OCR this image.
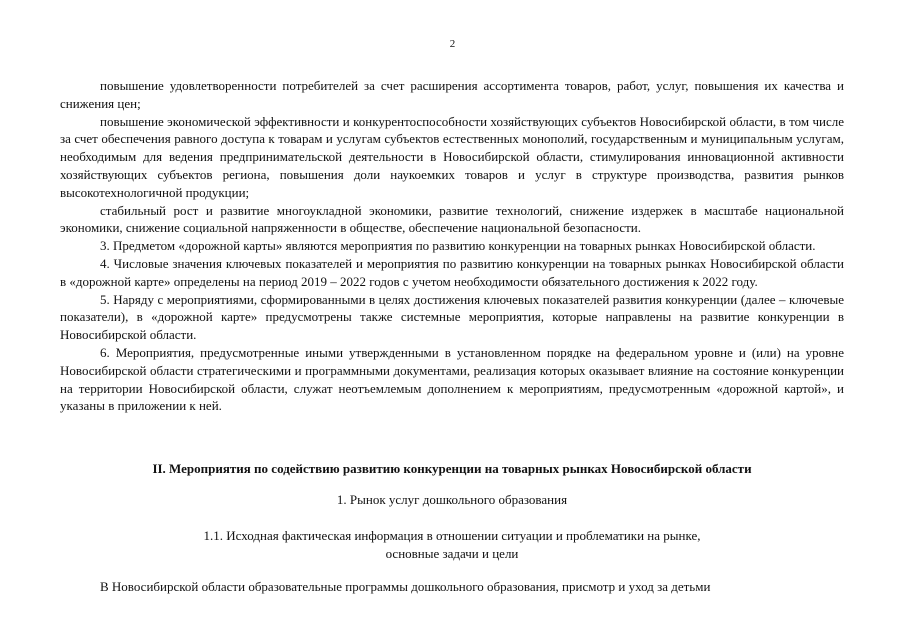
2

повышение удовлетворенности потребителей за счет расширения ассортимента товаров, работ, услуг, повышения их качества и снижения цен;

повышение экономической эффективности и конкурентоспособности хозяйствующих субъектов Новосибирской области, в том числе за счет обеспечения равного доступа к товарам и услугам субъектов естественных монополий, государственным и муниципальным услугам, необходимым для ведения предпринимательской деятельности в Новосибирской области, стимулирования инновационной активности хозяйствующих субъектов региона, повышения доли наукоемких товаров и услуг в структуре производства, развития рынков высокотехнологичной продукции;

стабильный рост и развитие многоукладной экономики, развитие технологий, снижение издержек в масштабе национальной экономики, снижение социальной напряженности в обществе, обеспечение национальной безопасности.

3. Предметом «дорожной карты» являются мероприятия по развитию конкуренции на товарных рынках Новосибирской области.

4. Числовые значения ключевых показателей и мероприятия по развитию конкуренции на товарных рынках Новосибирской области в «дорожной карте» определены на период 2019 – 2022 годов с учетом необходимости обязательного достижения к 2022 году.

5. Наряду с мероприятиями, сформированными в целях достижения ключевых показателей развития конкуренции (далее – ключевые показатели), в «дорожной карте» предусмотрены также системные мероприятия, которые направлены на развитие конкуренции в Новосибирской области.

6. Мероприятия, предусмотренные иными утвержденными в установленном порядке на федеральном уровне и (или) на уровне Новосибирской области стратегическими и программными документами, реализация которых оказывает влияние на состояние конкуренции на территории Новосибирской области, служат неотъемлемым дополнением к мероприятиям, предусмотренным «дорожной картой», и указаны в приложении к ней.

II. Мероприятия по содействию развитию конкуренции на товарных рынках Новосибирской области
1. Рынок услуг дошкольного образования
1.1. Исходная фактическая информация в отношении ситуации и проблематики на рынке,
основные задачи и цели

В Новосибирской области образовательные программы дошкольного образования, присмотр и уход за детьми
